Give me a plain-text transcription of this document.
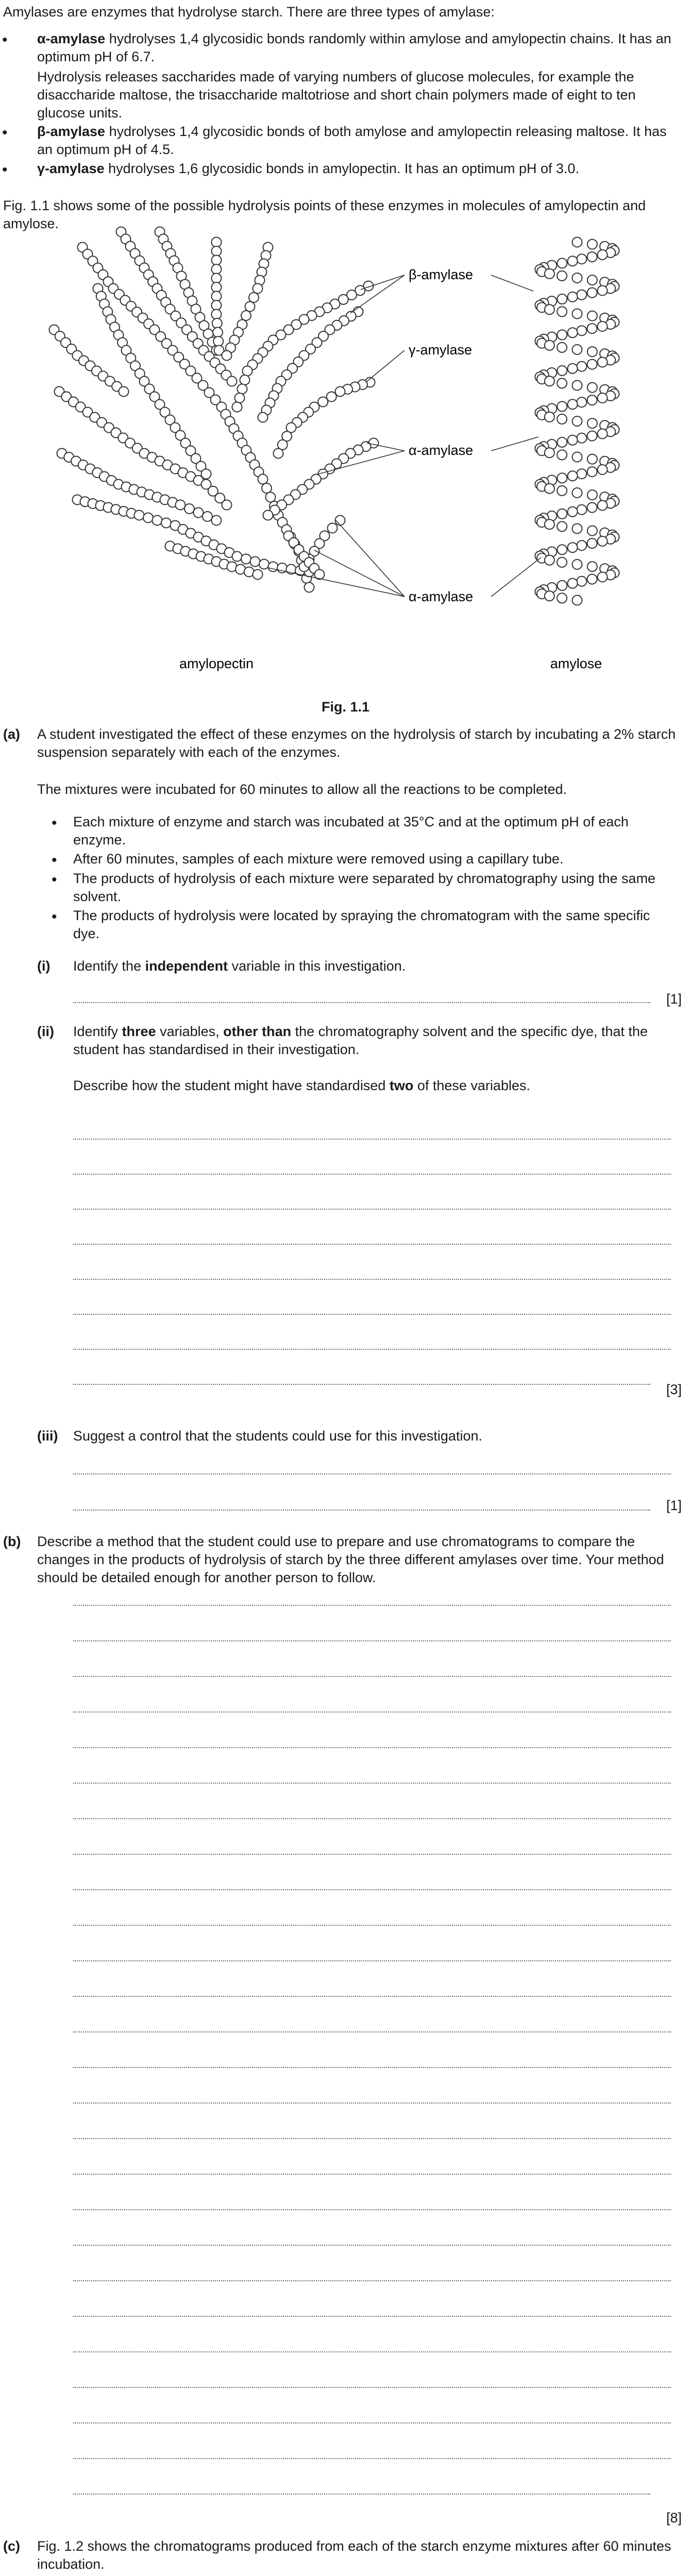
Amylases are enzymes that hydrolyse starch. There are three types of amylase:
•	α-amylase hydrolyses 1,4 glycosidic bonds randomly within amylose and amylopectin chains. It has an optimum pH of 6.7.
Hydrolysis releases saccharides made of varying numbers of glucose molecules, for example the disaccharide maltose, the trisaccharide maltotriose and short chain polymers made of eight to ten glucose units.
•	β-amylase hydrolyses 1,4 glycosidic bonds of both amylose and amylopectin releasing maltose. It has an optimum pH of 4.5.
•	γ-amylase hydrolyses 1,6 glycosidic bonds in amylopectin. It has an optimum pH of 3.0.
Fig. 1.1 shows some of the possible hydrolysis points of these enzymes in molecules of amylopectin and amylose.
β-amylase
γ-amylase
α-amylase
α-amylase
amylopectin	amylose
Fig. 1.1
(a) A student investigated the effect of these enzymes on the hydrolysis of starch by incubating a 2% starch suspension separately with each of the enzymes.
The mixtures were incubated for 60 minutes to allow all the reactions to be completed.
• Each mixture of enzyme and starch was incubated at 35°C and at the optimum pH of each enzyme.
• After 60 minutes, samples of each mixture were removed using a capillary tube.
• The products of hydrolysis of each mixture were separated by chromatography using the same solvent.
• The products of hydrolysis were located by spraying the chromatogram with the same specific dye.
(i) Identify the independent variable in this investigation.
[1]
(ii) Identify three variables, other than the chromatography solvent and the specific dye, that the student has standardised in their investigation.
Describe how the student might have standardised two of these variables.
[3]
(iii) Suggest a control that the students could use for this investigation.
[1]
(b) Describe a method that the student could use to prepare and use chromatograms to compare the changes in the products of hydrolysis of starch by the three different amylases over time. Your method should be detailed enough for another person to follow.
[8]
(c) Fig. 1.2 shows the chromatograms produced from each of the starch enzyme mixtures after 60 minutes incubation.
